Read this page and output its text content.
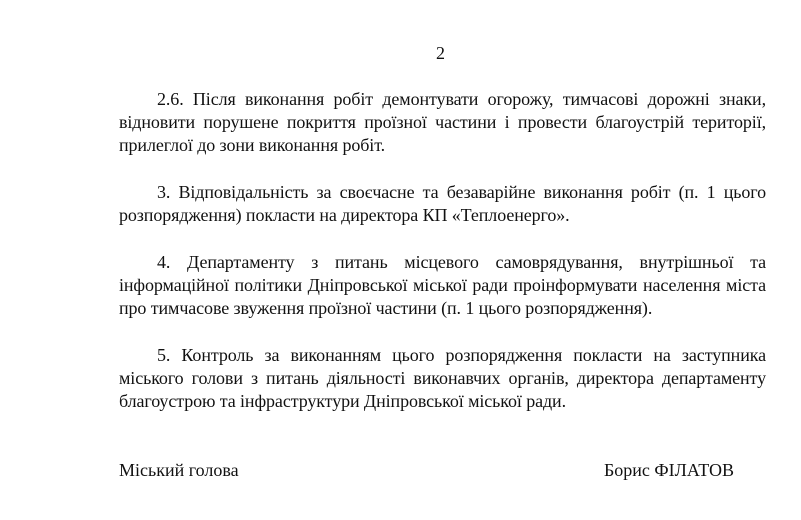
2

2.6. Після виконання робіт демонтувати огорожу, тимчасові дорожні знаки, відновити порушене покриття проїзної частини і провести благоустрій території, прилеглої до зони виконання робіт.

3. Відповідальність за своєчасне та безаварійне виконання робіт (п. 1 цього розпорядження) покласти на директора КП «Теплоенерго».

4. Департаменту з питань місцевого самоврядування, внутрішньої та інформаційної політики Дніпровської міської ради проінформувати населення міста про тимчасове звуження проїзної частини (п. 1 цього розпорядження).

5. Контроль за виконанням цього розпорядження покласти на заступника міського голови з питань діяльності виконавчих органів, директора департаменту благоустрою та інфраструктури Дніпровської міської ради.

Міський голова	Борис ФІЛАТОВ
